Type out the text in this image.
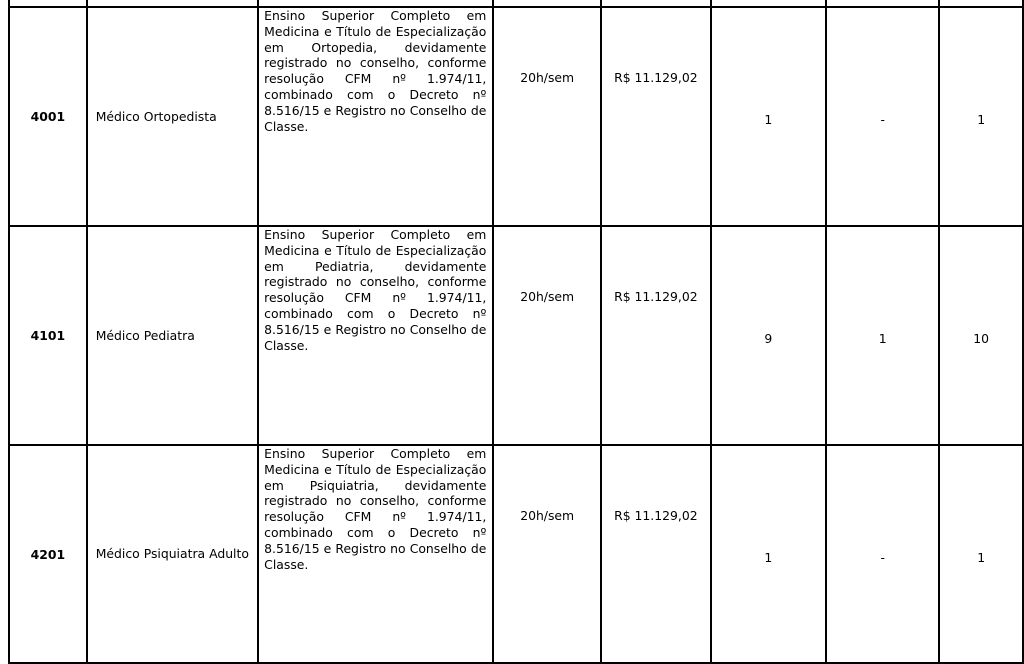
4001	Médico Ortopedista	Ensino Superior Completo em Medicina e Título de Especialização em Ortopedia, devidamente registrado no conselho, conforme resolução CFM nº 1.974/11, combinado com o Decreto nº 8.516/15 e Registro no Conselho de Classe.	20h/sem	R$ 11.129,02	1	-	1
4101	Médico Pediatra	Ensino Superior Completo em Medicina e Título de Especialização em Pediatria, devidamente registrado no conselho, conforme resolução CFM nº 1.974/11, combinado com o Decreto nº 8.516/15 e Registro no Conselho de Classe.	20h/sem	R$ 11.129,02	9	1	10
4201	Médico Psiquiatra Adulto	Ensino Superior Completo em Medicina e Título de Especialização em Psiquiatria, devidamente registrado no conselho, conforme resolução CFM nº 1.974/11, combinado com o Decreto nº 8.516/15 e Registro no Conselho de Classe.	20h/sem	R$ 11.129,02	1	-	1
